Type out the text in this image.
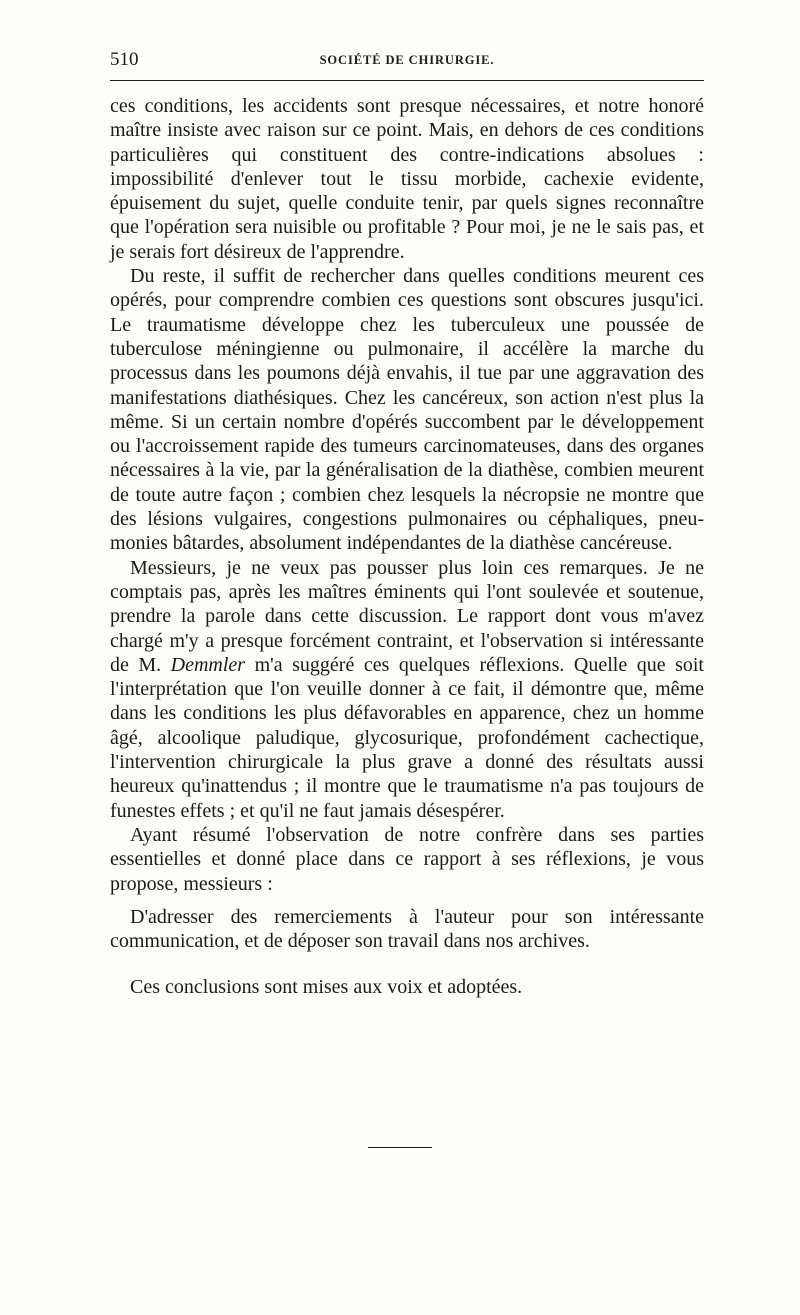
510	SOCIÉTÉ DE CHIRURGIE.

ces conditions, les accidents sont presque nécessaires, et notre honoré maître insiste avec raison sur ce point. Mais, en dehors de ces conditions particulières qui constituent des contre-indications absolues : impossibilité d'enlever tout le tissu morbide, cachexie evidente, épuisement du sujet, quelle conduite tenir, par quels signes reconnaître que l'opération sera nuisible ou profitable ? Pour moi, je ne le sais pas, et je serais fort désireux de l'apprendre.

Du reste, il suffit de rechercher dans quelles conditions meurent ces opérés, pour comprendre combien ces questions sont obscures jusqu'ici. Le traumatisme développe chez les tuberculeux une poussée de tuberculose méningienne ou pulmonaire, il accélère la marche du processus dans les poumons déjà envahis, il tue par une aggravation des manifestations diathésiques. Chez les cancéreux, son action n'est plus la même. Si un certain nombre d'opérés succombent par le développement ou l'accroissement rapide des tumeurs carcinomateuses, dans des organes nécessaires à la vie, par la généralisation de la diathèse, combien meurent de toute autre façon ; combien chez lesquels la nécropsie ne montre que des lésions vulgaires, congestions pulmonaires ou céphaliques, pneumonies bâtardes, absolument indépendantes de la diathèse cancéreuse.

Messieurs, je ne veux pas pousser plus loin ces remarques. Je ne comptais pas, après les maîtres éminents qui l'ont soulevée et soutenue, prendre la parole dans cette discussion. Le rapport dont vous m'avez chargé m'y a presque forcément contraint, et l'observation si intéressante de M. Demmler m'a suggéré ces quelques réflexions. Quelle que soit l'interprétation que l'on veuille donner à ce fait, il démontre que, même dans les conditions les plus défavorables en apparence, chez un homme âgé, alcoolique paludique, glycosurique, profondément cachectique, l'intervention chirurgicale la plus grave a donné des résultats aussi heureux qu'inattendus ; il montre que le traumatisme n'a pas toujours de funestes effets ; et qu'il ne faut jamais désespérer.

Ayant résumé l'observation de notre confrère dans ses parties essentielles et donné place dans ce rapport à ses réflexions, je vous propose, messieurs :

D'adresser des remerciements à l'auteur pour son intéressante communication, et de déposer son travail dans nos archives.

Ces conclusions sont mises aux voix et adoptées.
